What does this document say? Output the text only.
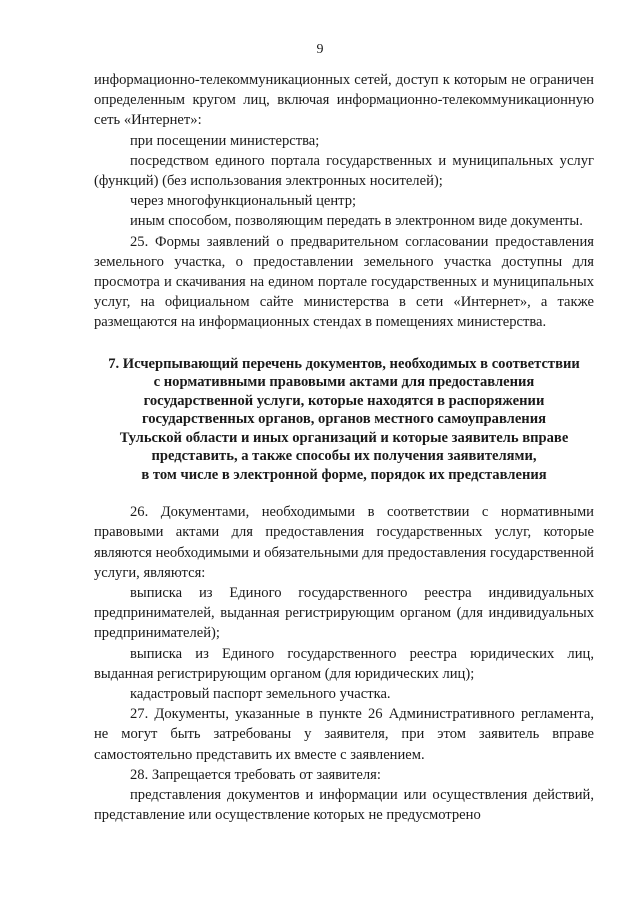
9

информационно-телекоммуникационных сетей, доступ к которым не ограничен определенным кругом лиц, включая информационно-телекоммуникационную сеть «Интернет»:

при посещении министерства;

посредством единого портала государственных и муниципальных услуг (функций) (без использования электронных носителей);

через многофункциональный центр;

иным способом, позволяющим передать в электронном виде документы.

25. Формы заявлений о предварительном согласовании предоставления земельного участка, о предоставлении земельного участка доступны для просмотра и скачивания на едином портале государственных и муниципальных услуг, на официальном сайте министерства в сети «Интернет», а также размещаются на информационных стендах в помещениях министерства.

7. Исчерпывающий перечень документов, необходимых в соответствии
с нормативными правовыми актами для предоставления
государственной услуги, которые находятся в распоряжении
государственных органов, органов местного самоуправления
Тульской области и иных организаций и которые заявитель вправе
представить, а также способы их получения заявителями,
в том числе в электронной форме, порядок их представления

26. Документами, необходимыми в соответствии с нормативными правовыми актами для предоставления государственных услуг, которые являются необходимыми и обязательными для предоставления государственной услуги, являются:

выписка из Единого государственного реестра индивидуальных предпринимателей, выданная регистрирующим органом (для индивидуальных предпринимателей);

выписка из Единого государственного реестра юридических лиц, выданная регистрирующим органом (для юридических лиц);

кадастровый паспорт земельного участка.

27. Документы, указанные в пункте 26 Административного регламента, не могут быть затребованы у заявителя, при этом заявитель вправе самостоятельно представить их вместе с заявлением.

28. Запрещается требовать от заявителя:

представления документов и информации или осуществления действий, представление или осуществление которых не предусмотрено
